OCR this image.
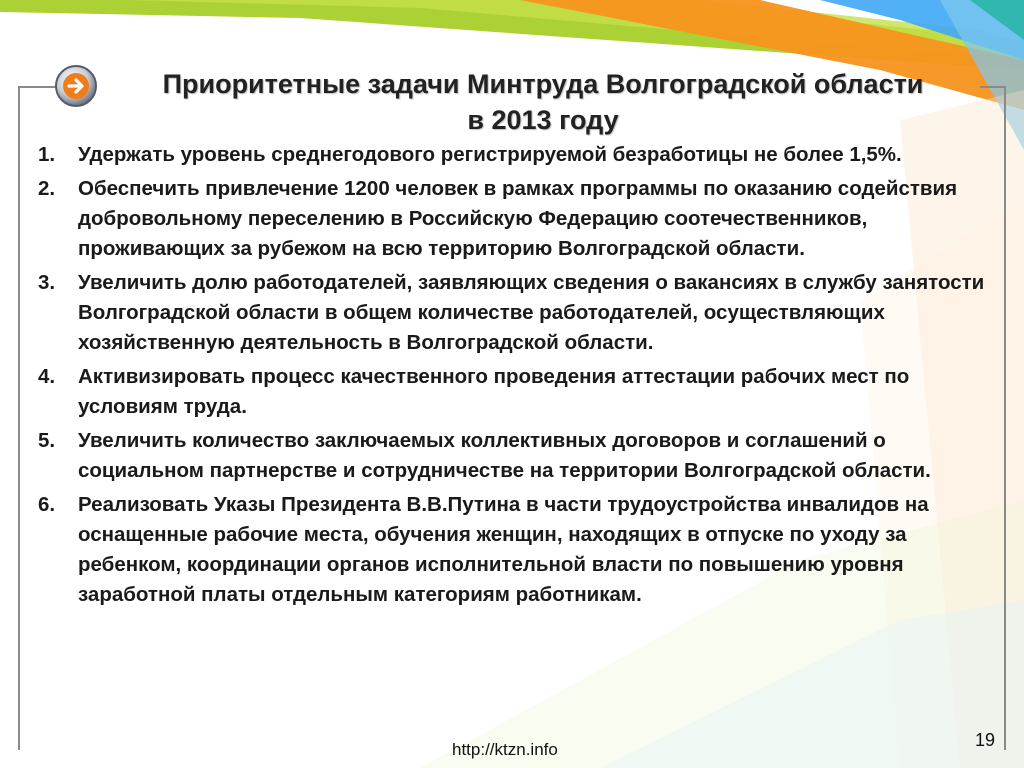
Приоритетные задачи Минтруда Волгоградской области
в 2013 году
1. Удержать уровень среднегодового регистрируемой безработицы не более 1,5%.
2. Обеспечить привлечение 1200 человек в рамках программы по оказанию содействия добровольному переселению в Российскую Федерацию соотечественников, проживающих за рубежом на всю территорию Волгоградской области.
3. Увеличить долю работодателей, заявляющих сведения о вакансиях в службу занятости Волгоградской области в общем количестве работодателей, осуществляющих хозяйственную деятельность в Волгоградской области.
4. Активизировать процесс качественного проведения аттестации рабочих мест по условиям труда.
5. Увеличить количество заключаемых коллективных договоров и соглашений о социальном партнерстве и сотрудничестве на территории Волгоградской области.
6. Реализовать Указы Президента В.В.Путина в части трудоустройства инвалидов на оснащенные рабочие места, обучения женщин, находящих в отпуске по уходу за ребенком, координации органов исполнительной власти по повышению уровня заработной платы отдельным категориям работникам.
http://ktzn.info	19
